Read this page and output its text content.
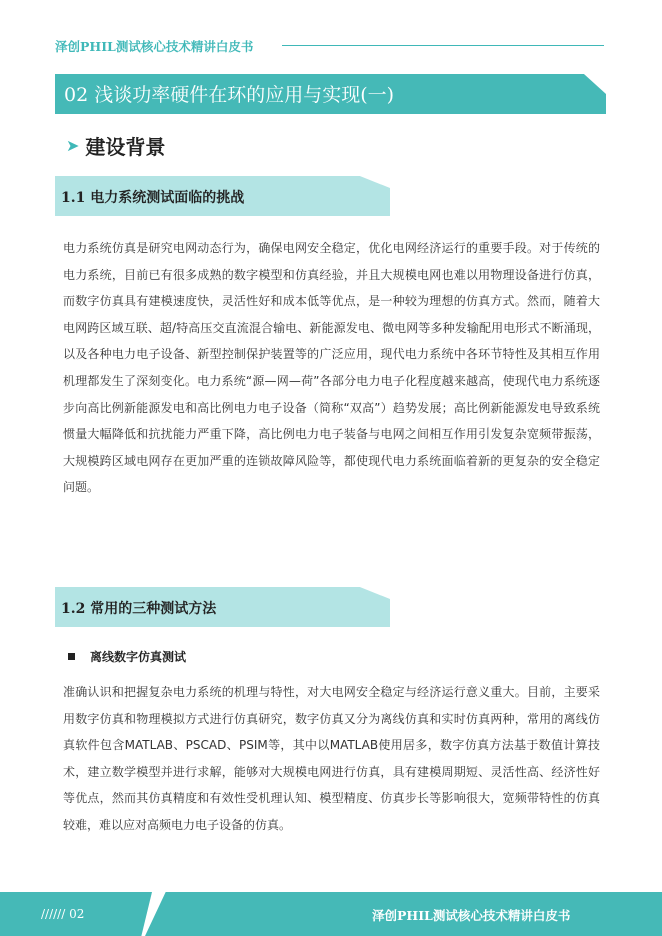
泽创PHIL测试核心技术精讲白皮书
02 浅谈功率硬件在环的应用与实现(一)
➤ 建设背景
1.1 电力系统测试面临的挑战

电力系统仿真是研究电网动态行为，确保电网安全稳定，优化电网经济运行的重要手段。对于传统的电力系统，目前已有很多成熟的数字模型和仿真经验，并且大规模电网也难以用物理设备进行仿真，而数字仿真具有建模速度快，灵活性好和成本低等优点，是一种较为理想的仿真方式。然而，随着大电网跨区域互联、超/特高压交直流混合输电、新能源发电、微电网等多种发输配用电形式不断涌现，以及各种电力电子设备、新型控制保护装置等的广泛应用，现代电力系统中各环节特性及其相互作用机理都发生了深刻变化。电力系统“源—网—荷”各部分电力电子化程度越来越高，使现代电力系统逐步向高比例新能源发电和高比例电力电子设备（简称“双高”）趋势发展；高比例新能源发电导致系统惯量大幅降低和抗扰能力严重下降，高比例电力电子装备与电网之间相互作用引发复杂宽频带振荡，大规模跨区域电网存在更加严重的连锁故障风险等，都使现代电力系统面临着新的更复杂的安全稳定问题。

1.2 常用的三种测试方法
离线数字仿真测试

准确认识和把握复杂电力系统的机理与特性，对大电网安全稳定与经济运行意义重大。目前，主要采用数字仿真和物理模拟方式进行仿真研究，数字仿真又分为离线仿真和实时仿真两种，常用的离线仿真软件包含MATLAB、PSCAD、PSIM等，其中以MATLAB使用居多，数字仿真方法基于数值计算技术，建立数学模型并进行求解，能够对大规模电网进行仿真，具有建模周期短、灵活性高、经济性好等优点，然而其仿真精度和有效性受机理认知、模型精度、仿真步长等影响很大，宽频带特性的仿真较难，难以应对高频电力电子设备的仿真。

////// 02	泽创PHIL测试核心技术精讲白皮书
